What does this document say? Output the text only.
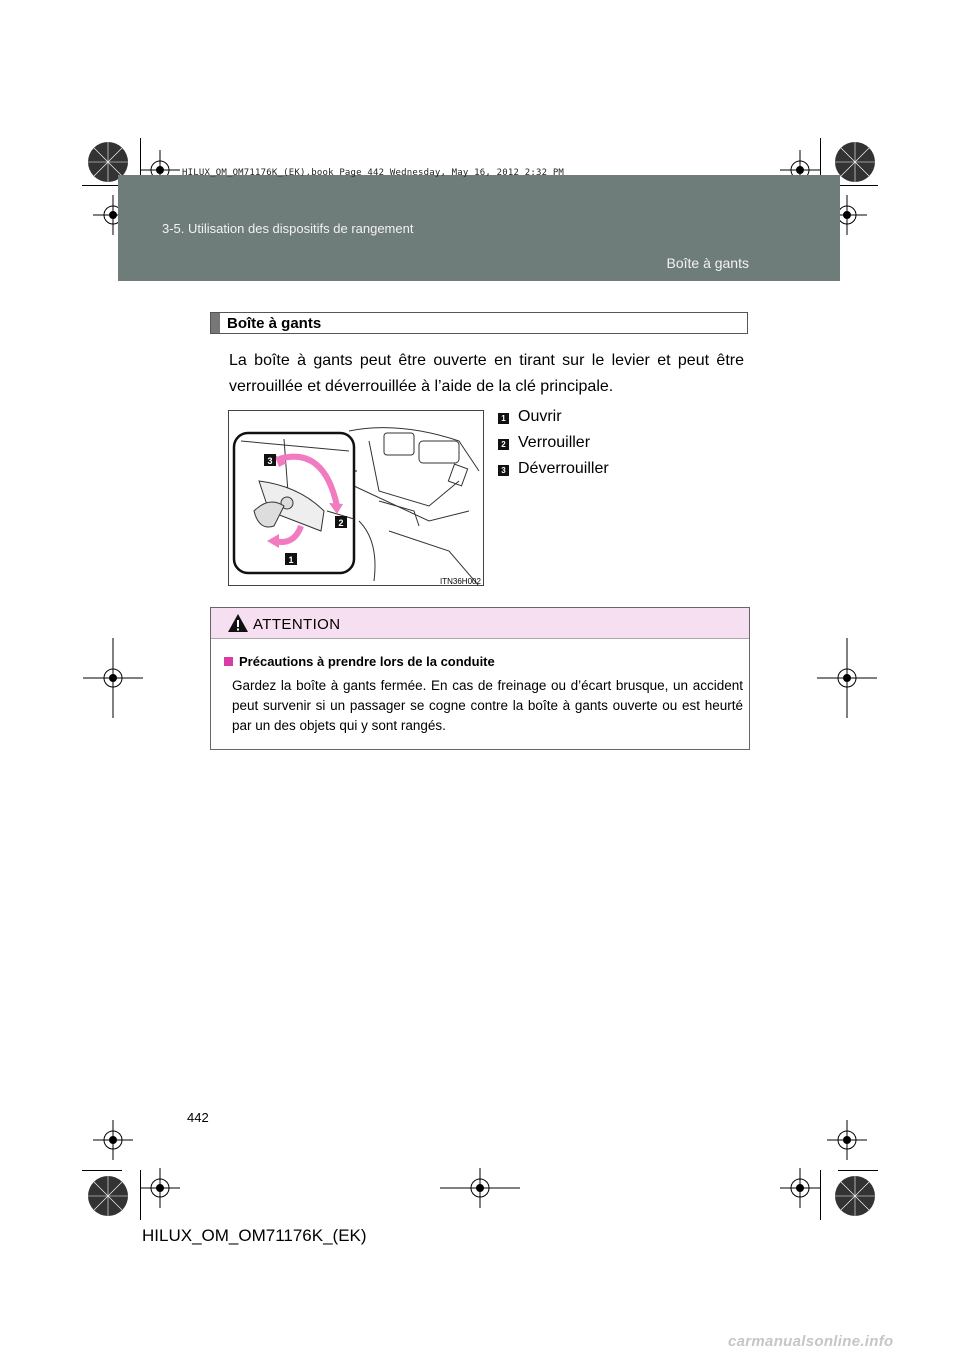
HILUX_OM_OM71176K_(EK).book Page 442 Wednesday, May 16, 2012 2:32 PM
3-5. Utilisation des dispositifs de rangement
Boîte à gants
Boîte à gants
La boîte à gants peut être ouverte en tirant sur le levier et peut être verrouillée et déverrouillée à l’aide de la clé principale.
3
2
1
ITN36H002
1 Ouvrir
2 Verrouiller
3 Déverrouiller
ATTENTION
Précautions à prendre lors de la conduite
Gardez la boîte à gants fermée. En cas de freinage ou d’écart brusque, un accident peut survenir si un passager se cogne contre la boîte à gants ouverte ou est heurté par un des objets qui y sont rangés.
442
HILUX_OM_OM71176K_(EK)
carmanualsonline.info
